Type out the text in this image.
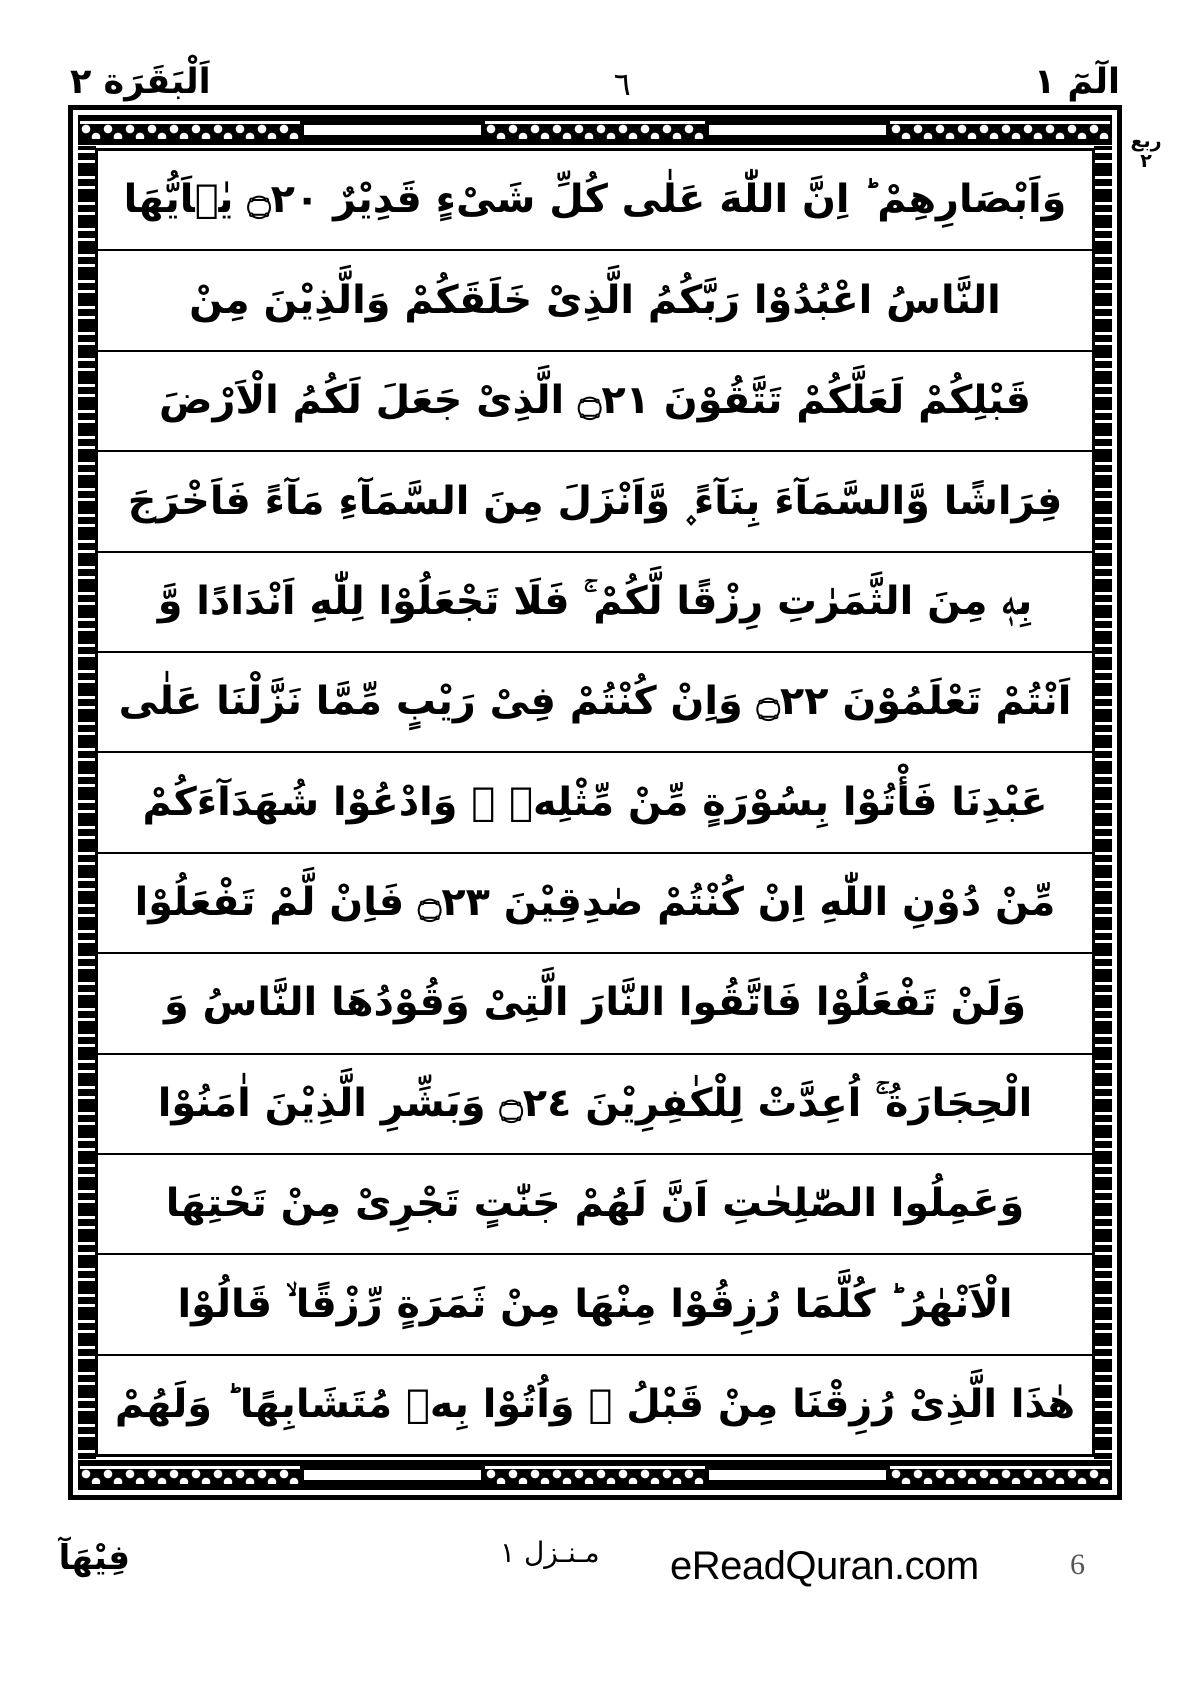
الٓمٓ ١
٦
اَلْبَقَرَة ٢
ربع ٢
وَاَبْصَارِهِمْ ؕ اِنَّ اللّٰهَ عَلٰى كُلِّ شَىْءٍ قَدِيْرٌ ۝٢٠ يٰۤاَيُّهَا
النَّاسُ اعْبُدُوْا رَبَّكُمُ الَّذِىْ خَلَقَكُمْ وَالَّذِيْنَ مِنْ
قَبْلِكُمْ لَعَلَّكُمْ تَتَّقُوْنَ ۝٢١ الَّذِىْ جَعَلَ لَكُمُ الْاَرْضَ
فِرَاشًا وَّالسَّمَآءَ بِنَآءً ۪ وَّاَنْزَلَ مِنَ السَّمَآءِ مَآءً فَاَخْرَجَ
بِهٖ مِنَ الثَّمَرٰتِ رِزْقًا لَّكُمْ ۚ فَلَا تَجْعَلُوْا لِلّٰهِ اَنْدَادًا وَّ
اَنْتُمْ تَعْلَمُوْنَ ۝٢٢ وَاِنْ كُنْتُمْ فِىْ رَيْبٍ مِّمَّا نَزَّلْنَا عَلٰى
عَبْدِنَا فَأْتُوْا بِسُوْرَةٍ مِّنْ مِّثْلِهٖ ۪ وَادْعُوْا شُهَدَآءَكُمْ
مِّنْ دُوْنِ اللّٰهِ اِنْ كُنْتُمْ صٰدِقِيْنَ ۝٢٣ فَاِنْ لَّمْ تَفْعَلُوْا
وَلَنْ تَفْعَلُوْا فَاتَّقُوا النَّارَ الَّتِىْ وَقُوْدُهَا النَّاسُ وَ
الْحِجَارَةُ ۚ اُعِدَّتْ لِلْكٰفِرِيْنَ ۝٢٤ وَبَشِّرِ الَّذِيْنَ اٰمَنُوْا
وَعَمِلُوا الصّٰلِحٰتِ اَنَّ لَهُمْ جَنّٰتٍ تَجْرِىْ مِنْ تَحْتِهَا
الْاَنْهٰرُ ؕ كُلَّمَا رُزِقُوْا مِنْهَا مِنْ ثَمَرَةٍ رِّزْقًا ۙ قَالُوْا
هٰذَا الَّذِىْ رُزِقْنَا مِنْ قَبْلُ ۙ وَاُتُوْا بِهٖ مُتَشَابِهًا ؕ وَلَهُمْ
فِيْهَآ	مـنـزل ١ eReadQuran.com	6
